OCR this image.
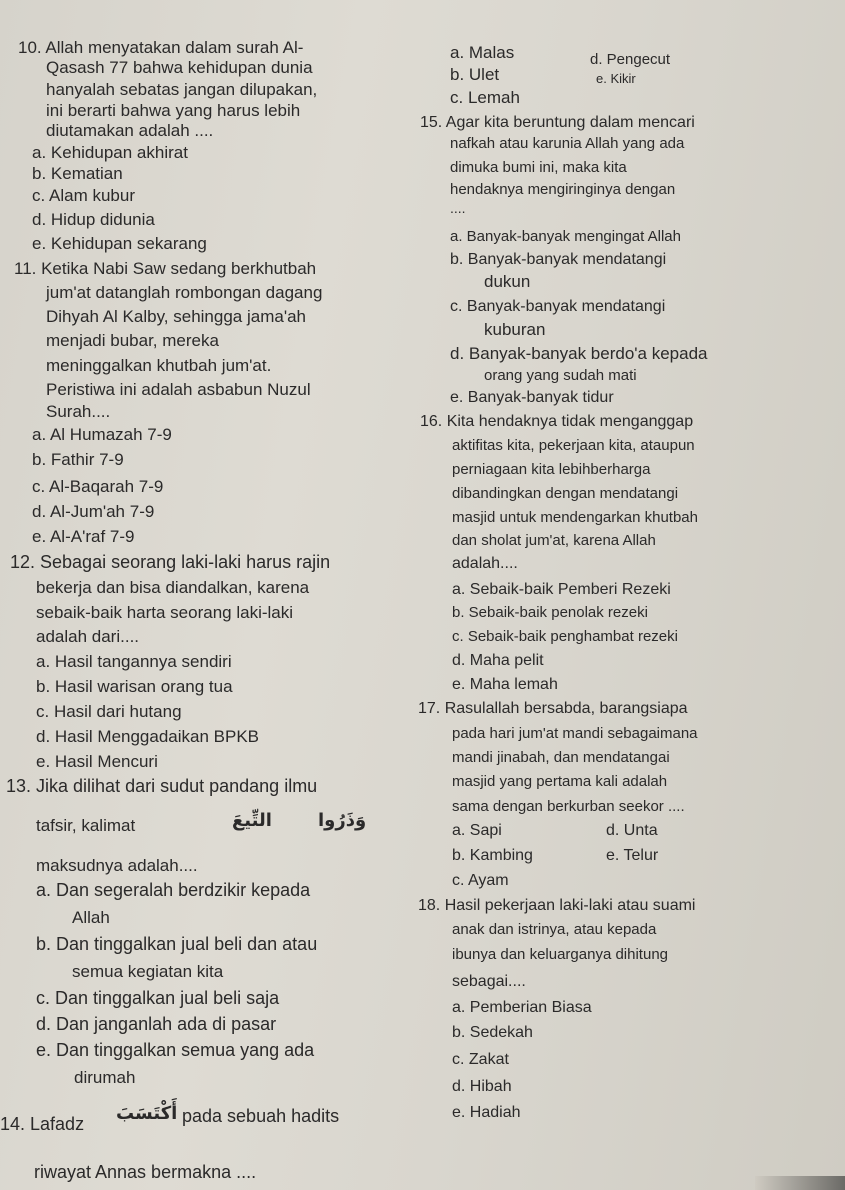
10. Allah menyatakan dalam surah Al-
Qasash 77 bahwa kehidupan dunia
hanyalah sebatas jangan dilupakan,
ini berarti bahwa yang harus lebih
diutamakan adalah ....
a. Kehidupan akhirat
b. Kematian
c. Alam kubur
d. Hidup didunia
e. Kehidupan sekarang
11. Ketika Nabi Saw sedang berkhutbah
jum'at datanglah rombongan dagang
Dihyah Al Kalby, sehingga jama'ah
menjadi bubar, mereka
meninggalkan khutbah jum'at.
Peristiwa ini adalah asbabun Nuzul
Surah....
a. Al Humazah 7-9
b. Fathir 7-9
c. Al-Baqarah 7-9
d. Al-Jum'ah 7-9
e. Al-A'raf 7-9
12. Sebagai seorang laki-laki harus rajin
bekerja dan bisa diandalkan, karena
sebaik-baik harta seorang laki-laki
adalah dari....
a. Hasil tangannya sendiri
b. Hasil warisan orang tua
c. Hasil dari hutang
d. Hasil Menggadaikan BPKB
e. Hasil Mencuri
13. Jika dilihat dari sudut pandang ilmu
tafsir, kalimat	التِّيعَ	وَذَرُوا
maksudnya adalah....
a. Dan segeralah berdzikir kepada
Allah
b. Dan tinggalkan jual beli dan atau
semua kegiatan kita
c. Dan tinggalkan jual beli saja
d. Dan janganlah ada di pasar
e. Dan tinggalkan semua yang ada
dirumah
14. Lafadz أَكْتَسَبَ pada sebuah hadits
riwayat Annas bermakna ....
a. Malas	d. Pengecut
b. Ulet	e. Kikir
c. Lemah
15. Agar kita beruntung dalam mencari
nafkah atau karunia Allah yang ada
dimuka bumi ini, maka kita
hendaknya mengiringinya dengan
....
a. Banyak-banyak mengingat Allah
b. Banyak-banyak mendatangi
dukun
c. Banyak-banyak mendatangi
kuburan
d. Banyak-banyak berdo'a kepada
orang yang sudah mati
e. Banyak-banyak tidur
16. Kita hendaknya tidak menganggap
aktifitas kita, pekerjaan kita, ataupun
perniagaan kita lebihberharga
dibandingkan dengan mendatangi
masjid untuk mendengarkan khutbah
dan sholat jum'at, karena Allah
adalah....
a. Sebaik-baik Pemberi Rezeki
b. Sebaik-baik penolak rezeki
c. Sebaik-baik penghambat rezeki
d. Maha pelit
e. Maha lemah
17. Rasulallah bersabda, barangsiapa
pada hari jum'at mandi sebagaimana
mandi jinabah, dan mendatangai
masjid yang pertama kali adalah
sama dengan berkurban seekor ....
a. Sapi	d. Unta
b. Kambing	e. Telur
c. Ayam
18. Hasil pekerjaan laki-laki atau suami
anak dan istrinya, atau kepada
ibunya dan keluarganya dihitung
sebagai....
a. Pemberian Biasa
b. Sedekah
c. Zakat
d. Hibah
e. Hadiah
